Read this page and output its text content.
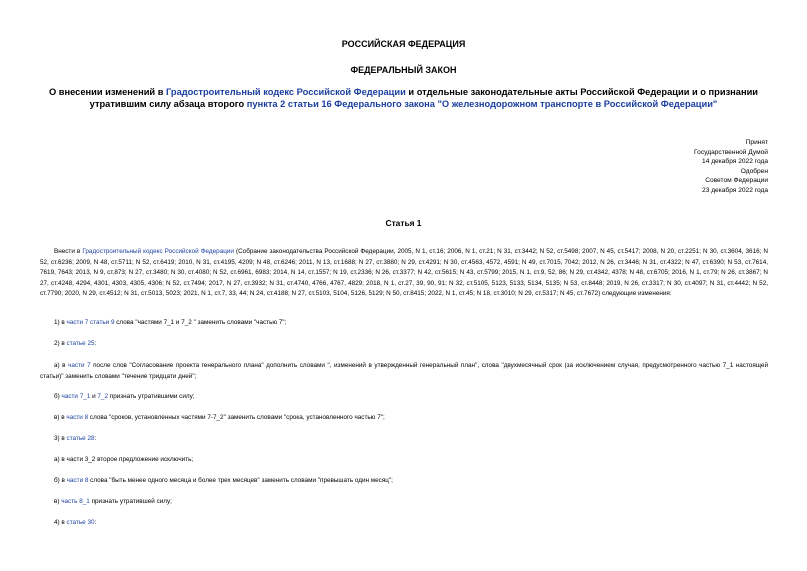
РОССИЙСКАЯ ФЕДЕРАЦИЯ
ФЕДЕРАЛЬНЫЙ ЗАКОН
О внесении изменений в Градостроительный кодекс Российской Федерации и отдельные законодательные акты Российской Федерации и о признании утратившим силу абзаца второго пункта 2 статьи 16 Федерального закона "О железнодорожном транспорте в Российской Федерации"
Принят
Государственной Думой
14 декабря 2022 года
Одобрен
Советом Федерации
23 декабря 2022 года
Статья 1

Внести в Градостроительный кодекс Российской Федерации (Собрание законодательства Российской Федерации, 2005, N 1, ст.16; 2006, N 1, ст.21; N 31, ст.3442; N 52, ст.5498; 2007, N 45, ст.5417; 2008, N 20, ст.2251; N 30, ст.3604, 3616; N 52, ст.6236; 2009, N 48, ст.5711; N 52, ст.6419; 2010, N 31, ст.4195, 4209; N 48, ст.6246; 2011, N 13, ст.1688; N 27, ст.3880; N 29, ст.4291; N 30, ст.4563, 4572, 4591; N 49, ст.7015, 7042; 2012, N 26, ст.3446; N 31, ст.4322; N 47, ст.6390; N 53, ст.7614, 7619, 7643; 2013, N 9, ст.873; N 27, ст.3480; N 30, ст.4080; N 52, ст.6961, 6983; 2014, N 14, ст.1557; N 19, ст.2336; N 26, ст.3377; N 42, ст.5615; N 43, ст.5799; 2015, N 1, ст.9, 52, 86; N 29, ст.4342, 4378; N 48, ст.6705; 2016, N 1, ст.79; N 26, ст.3867; N 27, ст.4248, 4294, 4301, 4303, 4305, 4306; N 52, ст.7494; 2017, N 27, ст.3932; N 31, ст.4740, 4766, 4767, 4829; 2018, N 1, ст.27, 39, 90, 91; N 32, ст.5105, 5123, 5133, 5134, 5135; N 53, ст.8448; 2019, N 26, ст.3317; N 30, ст.4097; N 31, ст.4442; N 52, ст.7790; 2020, N 29, ст.4512; N 31, ст.5013, 5023; 2021, N 1, ст.7, 33, 44; N 24, ст.4188; N 27, ст.5103, 5104, 5126, 5129; N 50, ст.8415; 2022, N 1, ст.45; N 18, ст.3010; N 29, ст.5317; N 45, ст.7672) следующие изменения:

1) в части 7 статьи 9 слова "частями 7_1 и 7_2 " заменить словами "частью 7";
2) в статье 25:

а) в части 7 после слов "Согласование проекта генерального плана" дополнить словами ", изменений в утвержденный генеральный план", слова "двухмесячный срок (за исключением случая, предусмотренного частью 7_1 настоящей статьи)" заменить словами "течение тридцати дней";

б) части 7_1 и 7_2 признать утратившими силу;
в) в части 8 слова "сроков, установленных частями 7-7_2" заменить словами "срока, установленного частью 7";
3) в статье 28:
а) в части 3_2 второе предложение исключить;
б) в части 8 слова "быть менее одного месяца и более трех месяцев" заменить словами "превышать один месяц";
в) часть 8_1 признать утратившей силу;
4) в статье 30:
